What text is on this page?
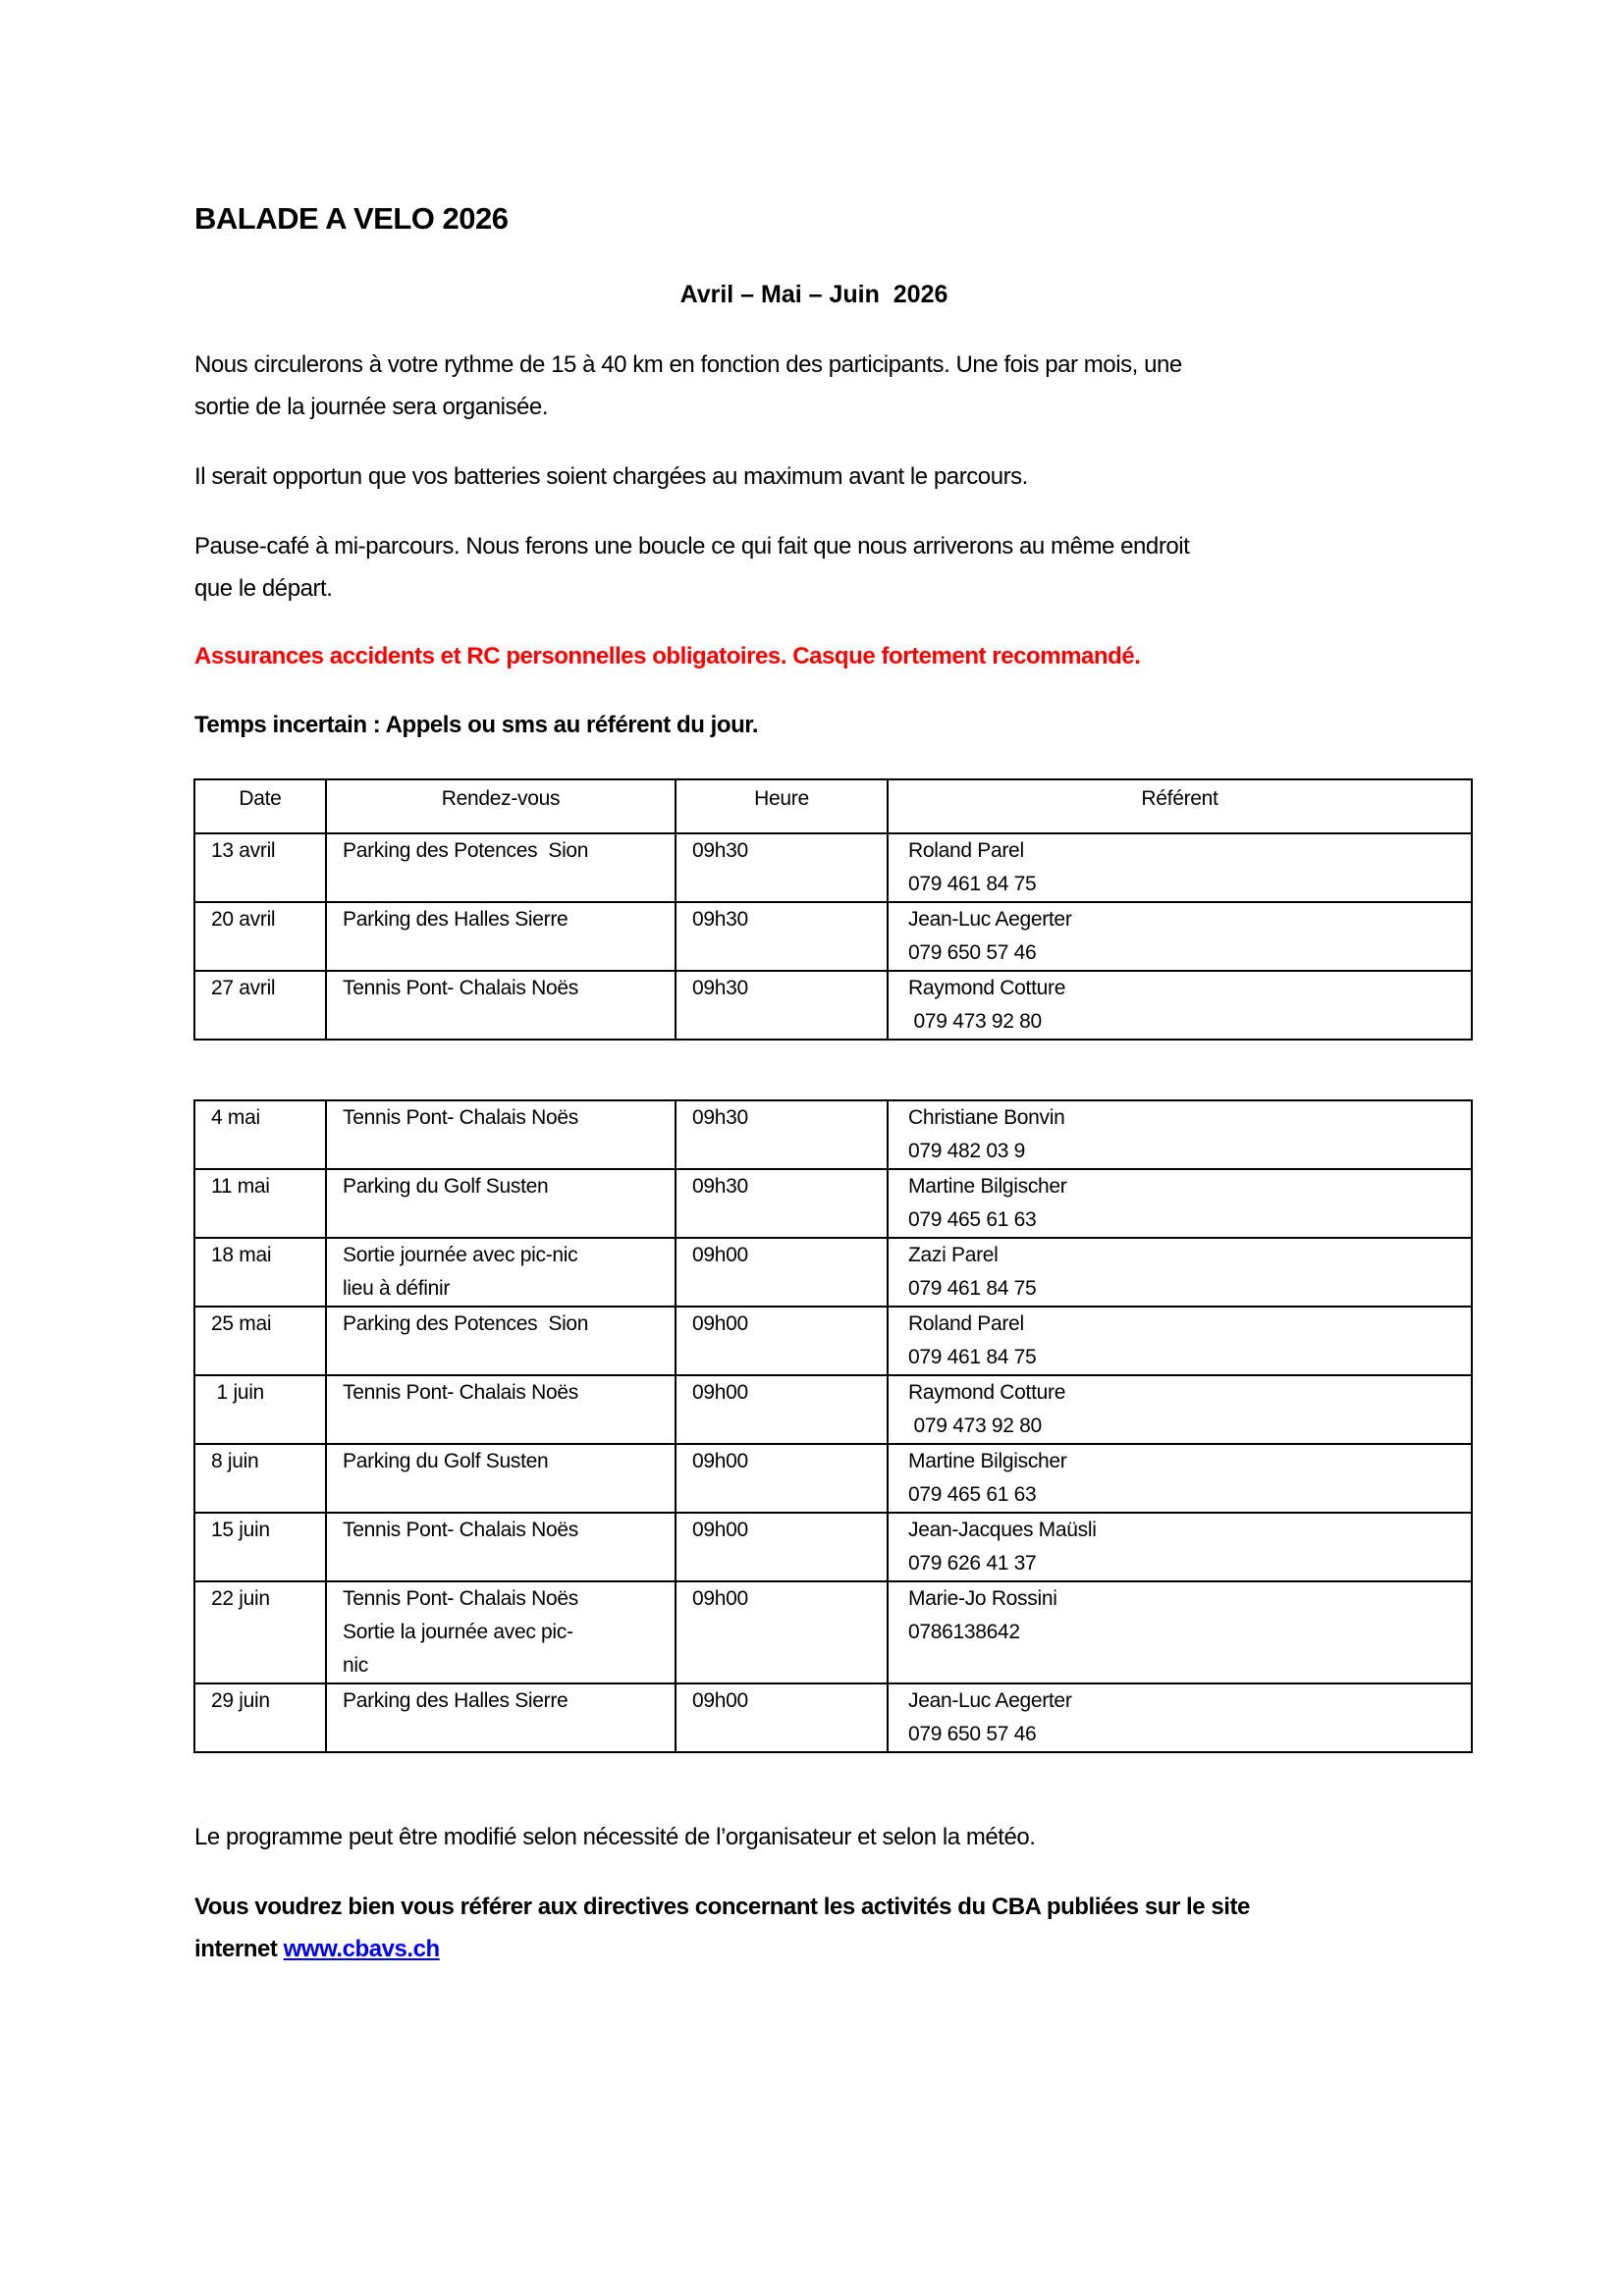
BALADE A VELO 2026
Avril – Mai – Juin  2026
Nous circulerons à votre rythme de 15 à 40 km en fonction des participants. Une fois par mois, une
sortie de la journée sera organisée.
Il serait opportun que vos batteries soient chargées au maximum avant le parcours.
Pause-café à mi-parcours. Nous ferons une boucle ce qui fait que nous arriverons au même endroit
que le départ.
Assurances accidents et RC personnelles obligatoires. Casque fortement recommandé.
Temps incertain : Appels ou sms au référent du jour.
Date	Rendez-vous	Heure	Référent

13 avril	Parking des Potences  Sion	09h30	Roland Parel
079 461 84 75

20 avril	Parking des Halles Sierre	09h30	Jean-Luc Aegerter
079 650 57 46

27 avril	Tennis Pont- Chalais Noës	09h30	Raymond Cotture
079 473 92 80
4 mai	Tennis Pont- Chalais Noës	09h30	Christiane Bonvin
079 482 03 9

11 mai	Parking du Golf Susten	09h30	Martine Bilgischer
079 465 61 63

18 mai	Sortie journée avec pic-nic
lieu à définir	09h00	Zazi Parel
079 461 84 75

25 mai	Parking des Potences  Sion	09h00	Roland Parel
079 461 84 75

1 juin	Tennis Pont- Chalais Noës	09h00	Raymond Cotture
079 473 92 80

8 juin	Parking du Golf Susten	09h00	Martine Bilgischer
079 465 61 63

15 juin	Tennis Pont- Chalais Noës	09h00	Jean-Jacques Maüsli
079 626 41 37

22 juin	Tennis Pont- Chalais Noës
Sortie la journée avec pic-
nic	09h00	Marie-Jo Rossini
0786138642

29 juin	Parking des Halles Sierre	09h00	Jean-Luc Aegerter
079 650 57 46
Le programme peut être modifié selon nécessité de l’organisateur et selon la météo.
Vous voudrez bien vous référer aux directives concernant les activités du CBA publiées sur le site
internet www.cbavs.ch
